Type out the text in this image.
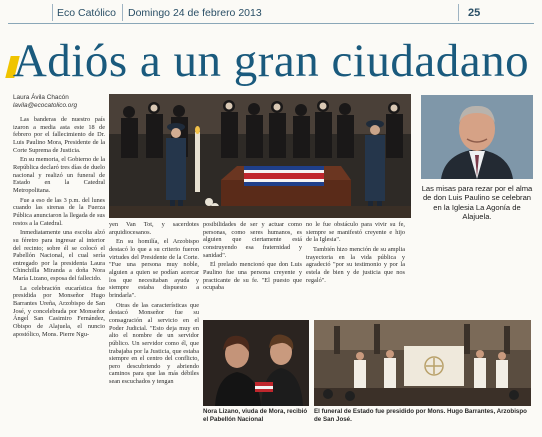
Eco Católico Domingo 24 de febrero 2013	25
Adiós a un gran ciudadano
Laura Ávila Chacón
lavila@ecocatolico.org

Las banderas de nuestro país izaron a media asta este 18 de febrero por el fallecimiento de Dr. Luis Paulino Mora, Presidente de la Corte Suprema de Justicia.

En su memoria, el Gobierno de la República declaró tres días de duelo nacional y realizó un funeral de Estado en la Catedral Metropolitana.

Fue a eso de las 3 p.m. del lunes cuando las sirenas de la Fuerza Pública anunciaron la llegada de sus restos a la Catedral.

Inmediatamente una escolta alzó su féretro para ingresar al interior del recinto; sobre él se colocó el Pabellón Nacional, el cual sería entregado por la presidenta Laura Chinchilla Miranda a doña Nora María Lizano, esposa del fallecido.

La celebración eucarística fue presidida por Monseñor Hugo Barrantes Ureña, Arzobispo de San José, y concelebrada por Monseñor Ángel San Casimiro Fernández, Obispo de Alajuela, el nuncio apostólico, Mons. Pierre Ngu-

yen Van Tot, y sacerdotes arquidiocesanos.

En su homilía, el Arzobispo destacó lo que a su criterio fueron virtudes del Presidente de la Corte. "Fue una persona muy noble, alguien a quien se podían acercar los que necesitaban ayuda y siempre estaba dispuesto a brindarla".

Otras de las características que destacó Monseñor fue su consagración al servicio en el Poder Judicial. "Esto deja muy en alto el nombre de un servidor público. Un servidor como él, que trabajaba por la Justicia, que estaba siempre en el centro del conflicto, pero descubriendo y abriendo caminos para que las más débiles sean escuchados y tengan

posibilidades de ser y actuar como personas, como seres humanos, es alguien que ciertamente está construyendo esa fraternidad y sanidad".

El prelado mencionó que don Luis Paulino fue una persona creyente y practicante de su fe. "El puesto que ocupaba

no le fue obstáculo para vivir su fe, siempre se manifestó creyente e hijo de la Iglesia".

También hizo mención de su amplia trayectoria en la vida pública y agradeció "por su testimonio y por la estela de bien y de justicia que nos regaló".

Las misas para rezar por el alma de don Luis Paulino se celebran en la Iglesia La Agonía de Alajuela.
Nora Lizano, viuda de Mora, recibió el Pabellón Nacional
El funeral de Estado fue presidido por Mons. Hugo Barrantes, Arzobispo de San José.
